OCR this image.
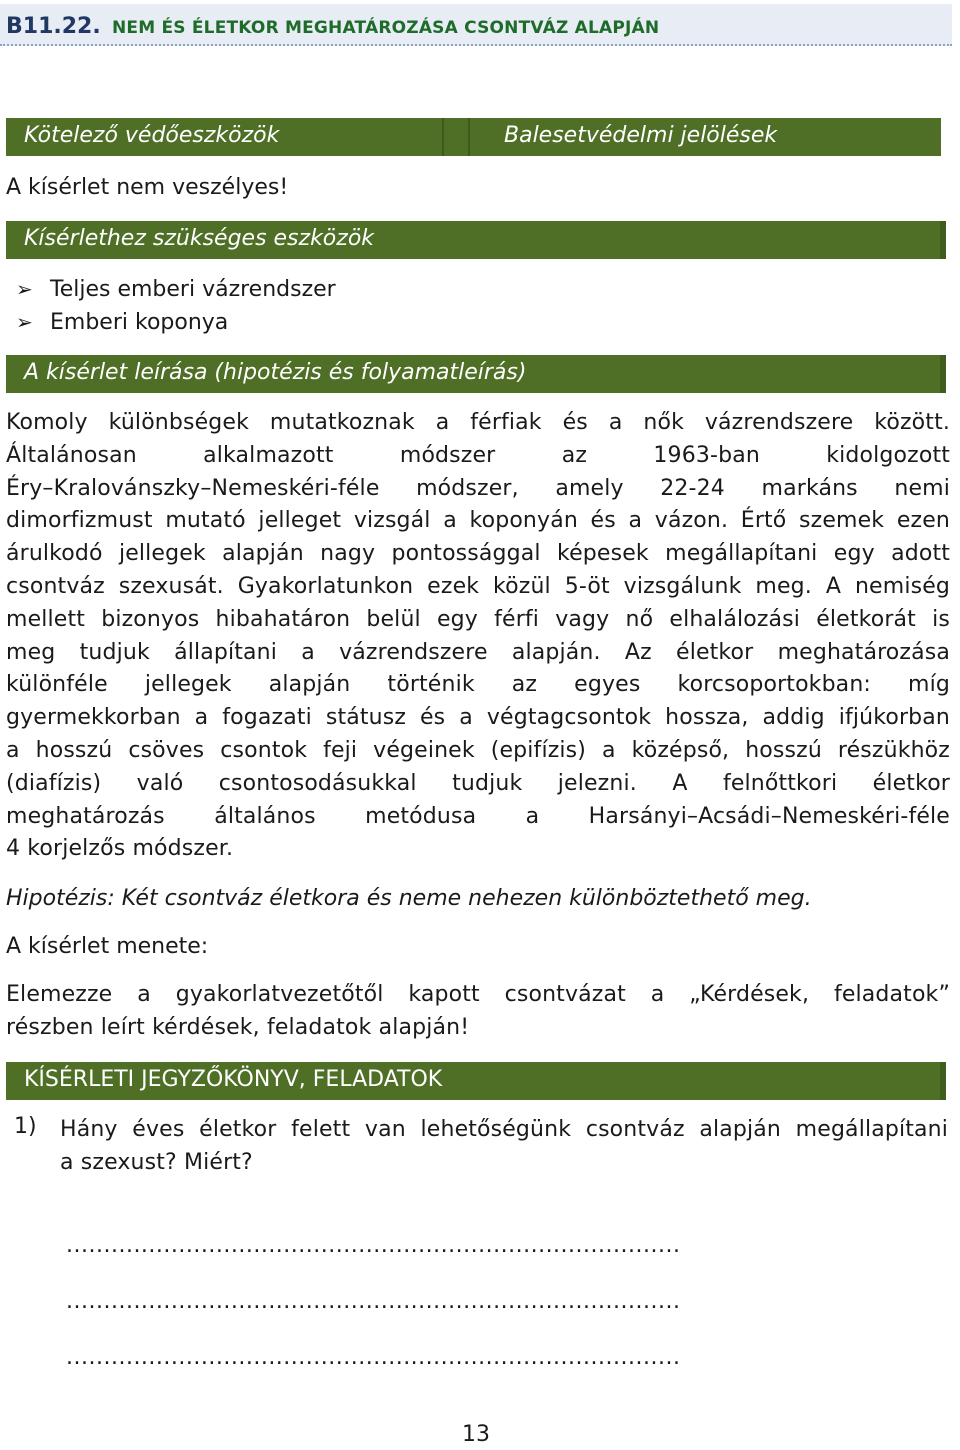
B11.22. NEM ÉS ÉLETKOR MEGHATÁROZÁSA CSONTVÁZ ALAPJÁN
Kötelező védőeszközök	Balesetvédelmi jelölések
A kísérlet nem veszélyes!
Kísérlethez szükséges eszközök
➢ Teljes emberi vázrendszer
➢ Emberi koponya
A kísérlet leírása (hipotézis és folyamatleírás)
Komoly különbségek mutatkoznak a férfiak és a nők vázrendszere között.
Általánosan alkalmazott módszer az 1963-ban kidolgozott
Éry–Kralovánszky–Nemeskéri-féle módszer, amely 22-24 markáns nemi
dimorfizmust mutató jelleget vizsgál a koponyán és a vázon. Értő szemek ezen
árulkodó jellegek alapján nagy pontossággal képesek megállapítani egy adott
csontváz szexusát. Gyakorlatunkon ezek közül 5-öt vizsgálunk meg. A nemiség
mellett bizonyos hibahatáron belül egy férfi vagy nő elhalálozási életkorát is
meg tudjuk állapítani a vázrendszere alapján. Az életkor meghatározása
különféle jellegek alapján történik az egyes korcsoportokban: míg
gyermekkorban a fogazati státusz és a végtagcsontok hossza, addig ifjúkorban
a hosszú csöves csontok feji végeinek (epifízis) a középső, hosszú részükhöz
(diafízis) való csontosodásukkal tudjuk jelezni. A felnőttkori életkor
meghatározás általános metódusa a Harsányi–Acsádi–Nemeskéri-féle
4 korjelzős módszer.
Hipotézis: Két csontváz életkora és neme nehezen különböztethető meg.
A kísérlet menete:
Elemezze a gyakorlatvezetőtől kapott csontvázat a „Kérdések, feladatok”
részben leírt kérdések, feladatok alapján!
KÍSÉRLETI JEGYZŐKÖNYV, FELADATOK
1) Hány éves életkor felett van lehetőségünk csontváz alapján megállapítani
a szexust? Miért?
..................................................................................
..................................................................................
..................................................................................
13
